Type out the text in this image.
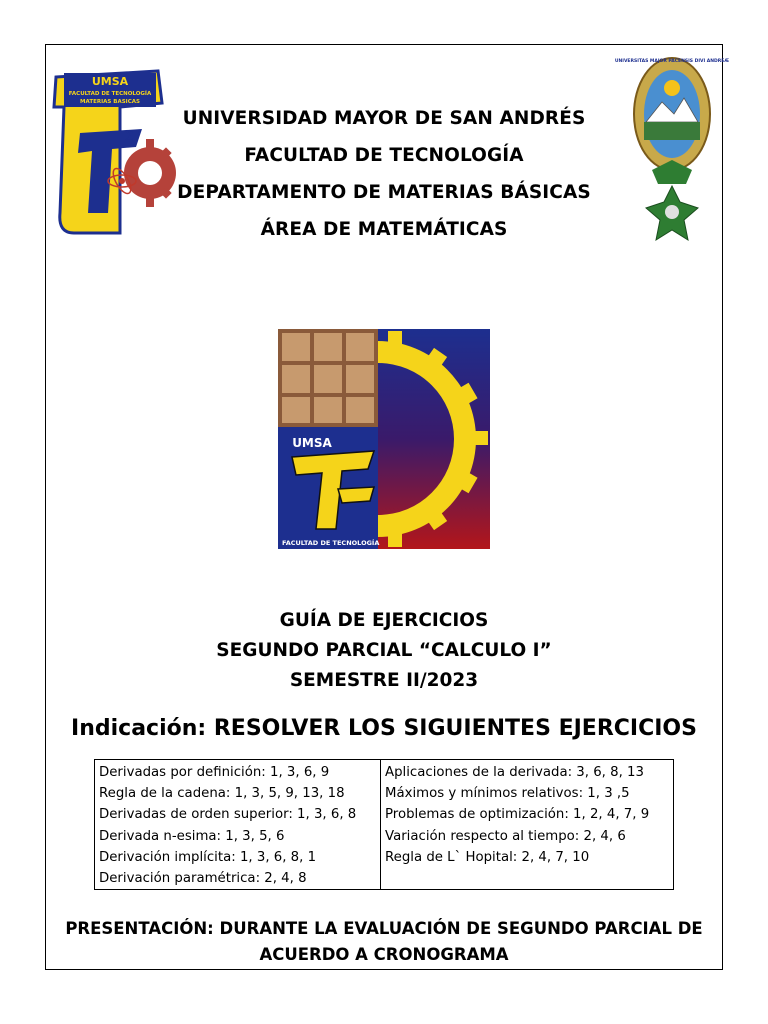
UMSA
FACULTAD DE TECNOLOGÍA
MATERIAS BASICAS
Σ
UNIVERSITAS MAJOR PACENSIS DIVI ANDREÆ
UNIVERSIDAD MAYOR DE SAN ANDRÉS
FACULTAD DE TECNOLOGÍA
DEPARTAMENTO DE MATERIAS BÁSICAS
ÁREA DE MATEMÁTICAS
UMSA
FACULTAD DE TECNOLOGÍA
GUÍA DE EJERCICIOS
SEGUNDO PARCIAL “CALCULO I”
SEMESTRE II/2023
Indicación: RESOLVER LOS SIGUIENTES EJERCICIOS
Derivadas por definición: 1, 3, 6, 9
Regla de la cadena: 1, 3, 5, 9, 13, 18
Derivadas de orden superior: 1, 3, 6, 8
Derivada n-esima: 1, 3, 5, 6
Derivación implícita: 1, 3, 6, 8, 1
Derivación paramétrica: 2, 4, 8
Aplicaciones de la derivada: 3, 6, 8, 13
Máximos y mínimos relativos: 1, 3 ,5
Problemas de optimización: 1, 2, 4, 7, 9
Variación respecto al tiempo: 2, 4, 6
Regla de L` Hopital: 2, 4, 7, 10
PRESENTACIÓN: DURANTE LA EVALUACIÓN DE SEGUNDO PARCIAL DE
ACUERDO A CRONOGRAMA
